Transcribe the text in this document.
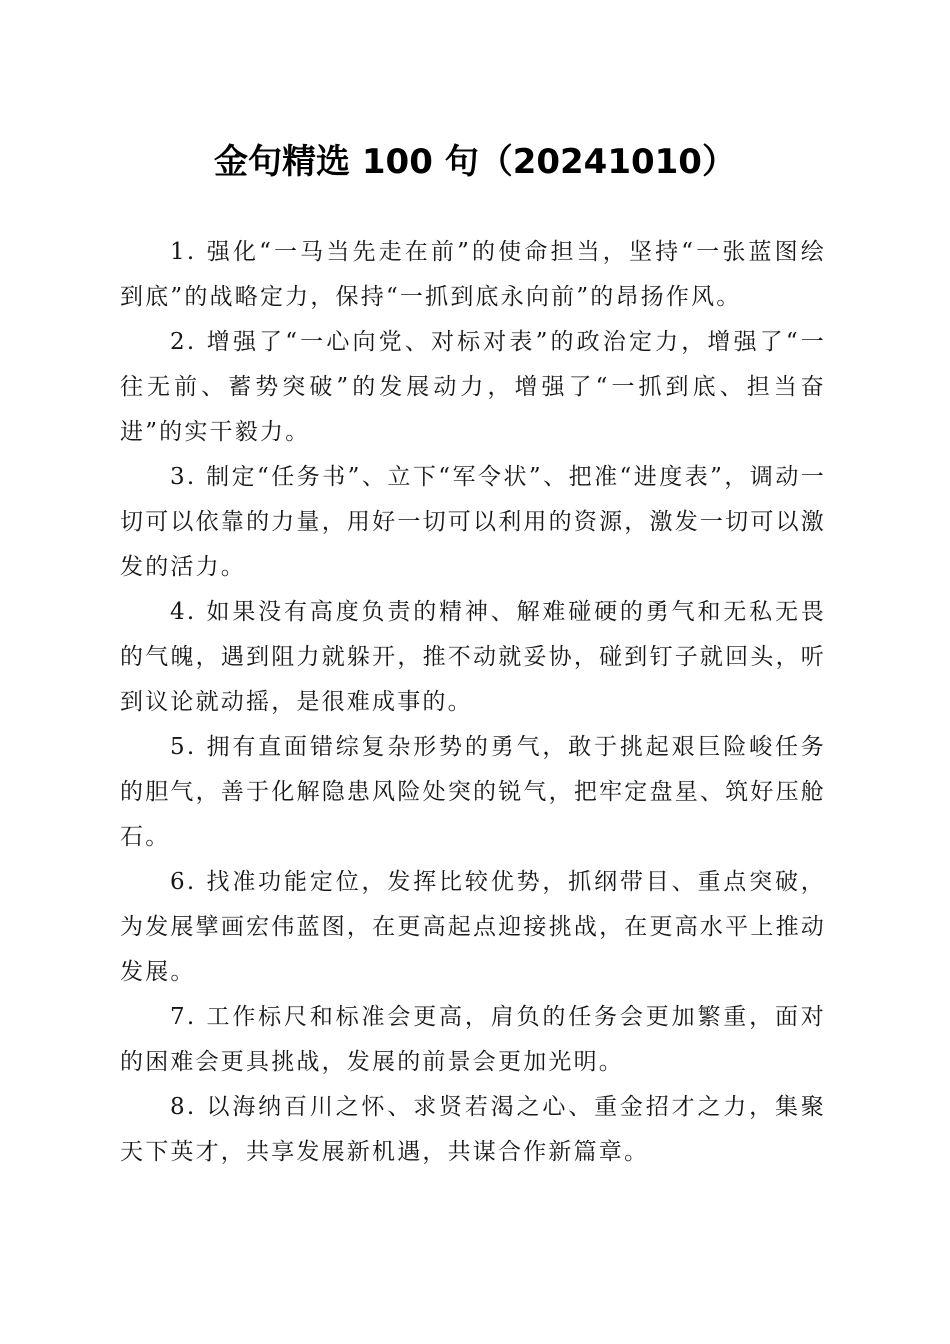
金句精选 100 句（20241010）

1. 强化“一马当先走在前”的使命担当，坚持“一张蓝图绘到底”的战略定力，保持“一抓到底永向前”的昂扬作风。

2. 增强了“一心向党、对标对表”的政治定力，增强了“一往无前、蓄势突破”的发展动力，增强了“一抓到底、担当奋进”的实干毅力。

3. 制定“任务书”、立下“军令状”、把准“进度表”，调动一切可以依靠的力量，用好一切可以利用的资源，激发一切可以激发的活力。

4. 如果没有高度负责的精神、解难碰硬的勇气和无私无畏的气魄，遇到阻力就躲开，推不动就妥协，碰到钉子就回头，听到议论就动摇，是很难成事的。

5. 拥有直面错综复杂形势的勇气，敢于挑起艰巨险峻任务的胆气，善于化解隐患风险处突的锐气，把牢定盘星、筑好压舱石。

6. 找准功能定位，发挥比较优势，抓纲带目、重点突破，为发展擘画宏伟蓝图，在更高起点迎接挑战，在更高水平上推动发展。

7. 工作标尺和标准会更高，肩负的任务会更加繁重，面对的困难会更具挑战，发展的前景会更加光明。

8. 以海纳百川之怀、求贤若渴之心、重金招才之力，集聚天下英才，共享发展新机遇，共谋合作新篇章。
